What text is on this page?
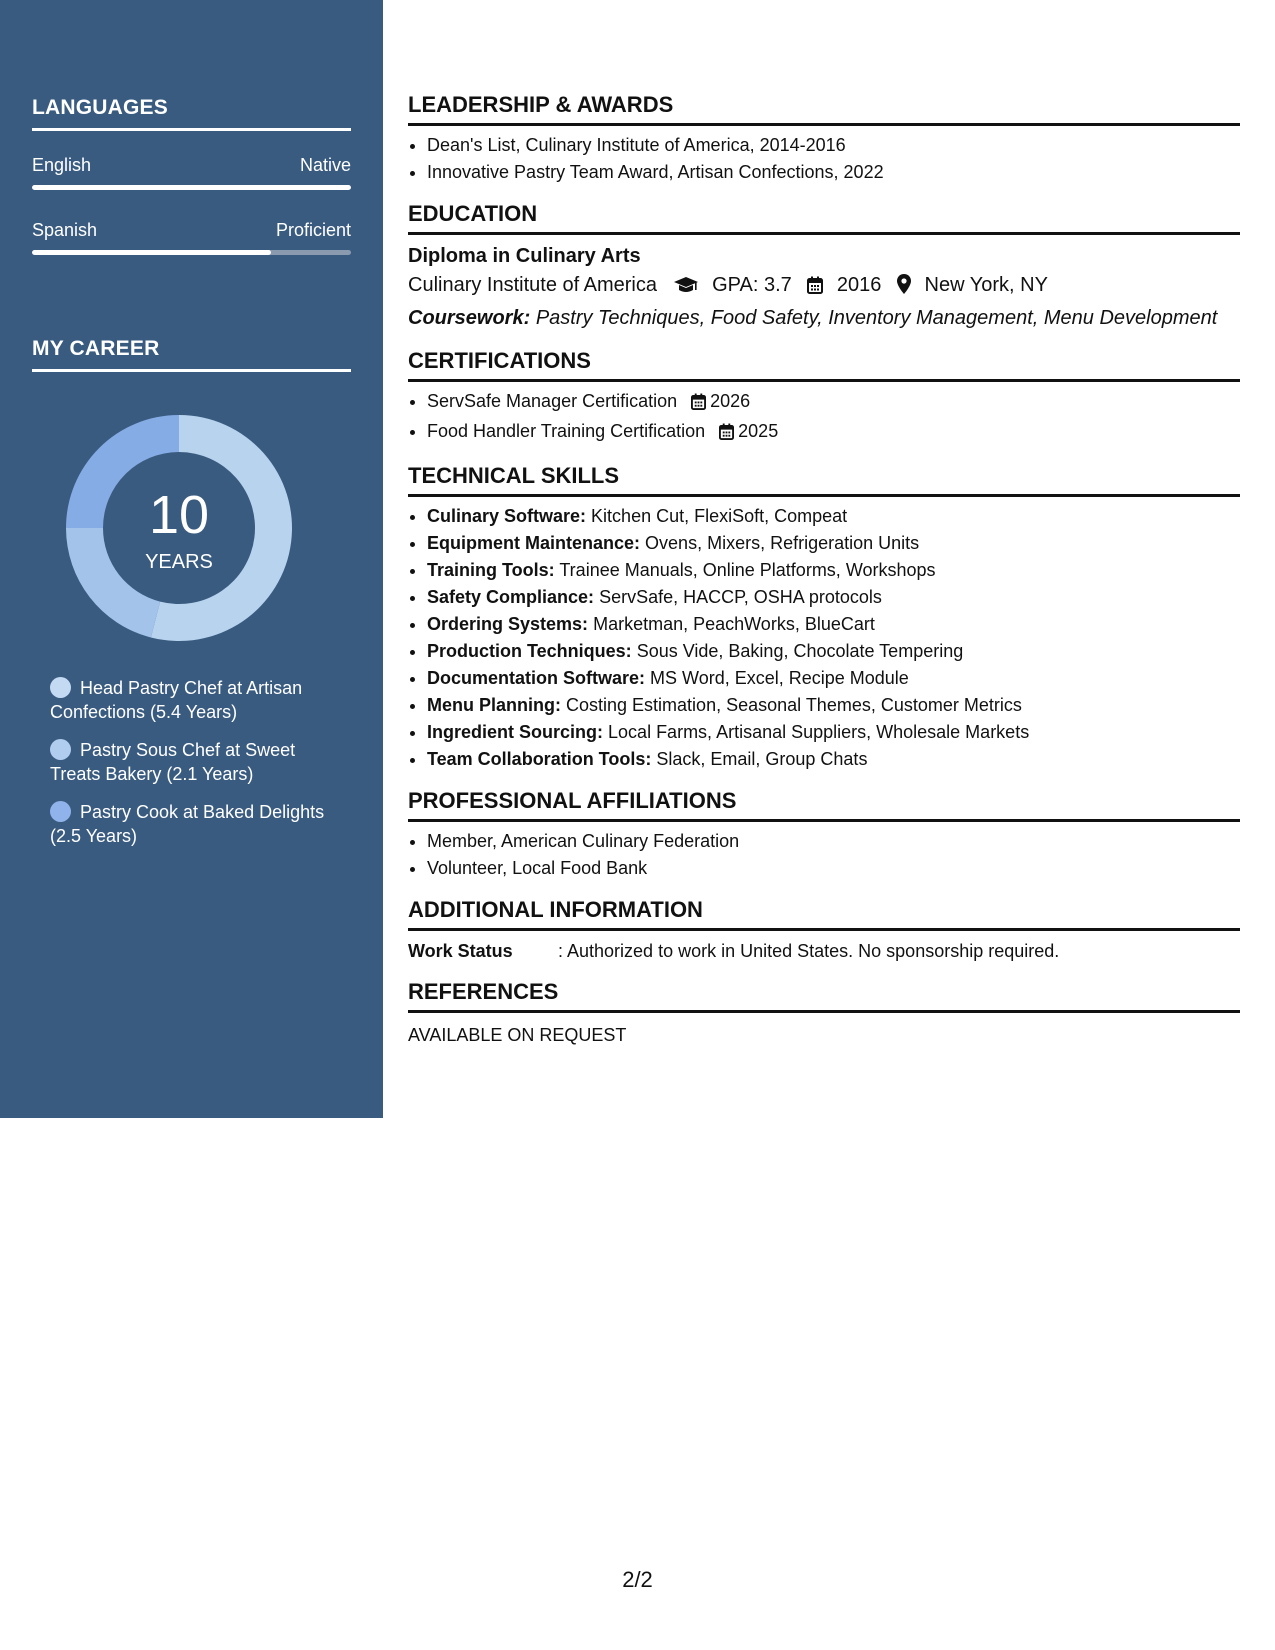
LANGUAGES
English	Native
Spanish	Proficient
MY CAREER
10
YEARS
Head Pastry Chef at Artisan Confections (5.4 Years)
Pastry Sous Chef at Sweet Treats Bakery (2.1 Years)
Pastry Cook at Baked Delights (2.5 Years)
LEADERSHIP & AWARDS
• Dean's List, Culinary Institute of America, 2014-2016
• Innovative Pastry Team Award, Artisan Confections, 2022
EDUCATION
Diploma in Culinary Arts
Culinary Institute of America	GPA: 3.7 2016 New York, NY
Coursework: Pastry Techniques, Food Safety, Inventory Management, Menu Development
CERTIFICATIONS
• ServSafe Manager Certification 2026
• Food Handler Training Certification 2025
TECHNICAL SKILLS
• Culinary Software: Kitchen Cut, FlexiSoft, Compeat
• Equipment Maintenance: Ovens, Mixers, Refrigeration Units
• Training Tools: Trainee Manuals, Online Platforms, Workshops
• Safety Compliance: ServSafe, HACCP, OSHA protocols
• Ordering Systems: Marketman, PeachWorks, BlueCart
• Production Techniques: Sous Vide, Baking, Chocolate Tempering
• Documentation Software: MS Word, Excel, Recipe Module
• Menu Planning: Costing Estimation, Seasonal Themes, Customer Metrics
• Ingredient Sourcing: Local Farms, Artisanal Suppliers, Wholesale Markets
• Team Collaboration Tools: Slack, Email, Group Chats
PROFESSIONAL AFFILIATIONS
• Member, American Culinary Federation
• Volunteer, Local Food Bank
ADDITIONAL INFORMATION
Work Status	: Authorized to work in United States. No sponsorship required.
REFERENCES
AVAILABLE ON REQUEST
2/2
